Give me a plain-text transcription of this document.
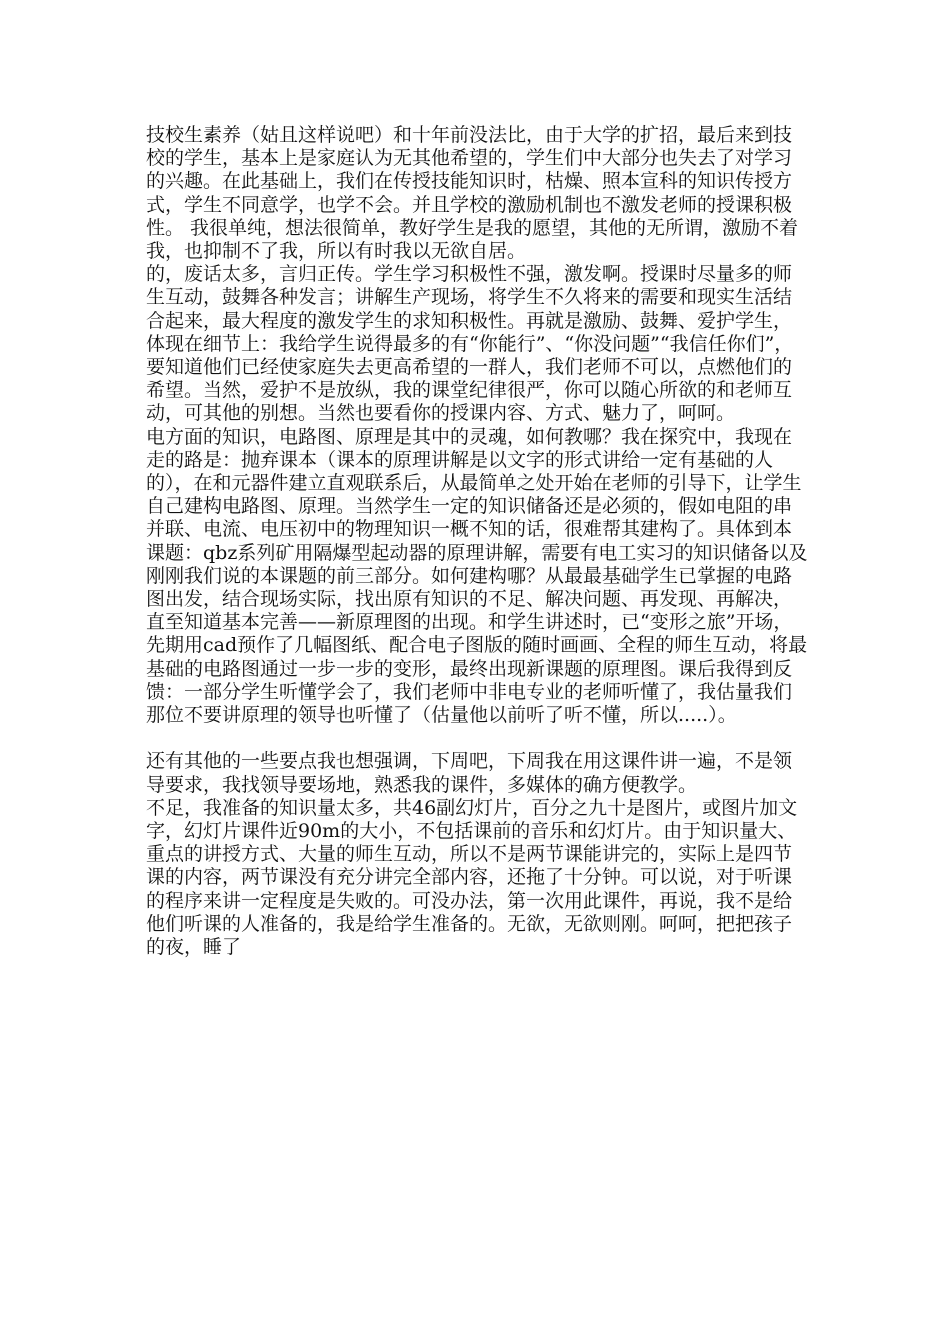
技校生素养（姑且这样说吧）和十年前没法比，由于大学的扩招，最后来到技校的学生，基本上是家庭认为无其他希望的，学生们中大部分也失去了对学习的兴趣。在此基础上，我们在传授技能知识时，枯燥、照本宣科的知识传授方式，学生不同意学，也学不会。并且学校的激励机制也不激发老师的授课积极性。 我很单纯，想法很简单，教好学生是我的愿望，其他的无所谓，激励不着我，也抑制不了我，所以有时我以无欲自居。

的，废话太多，言归正传。学生学习积极性不强，激发啊。授课时尽量多的师生互动，鼓舞各种发言；讲解生产现场，将学生不久将来的需要和现实生活结合起来，最大程度的激发学生的求知积极性。再就是激励、鼓舞、爱护学生，体现在细节上：我给学生说得最多的有“你能行”、“你没问题”“我信任你们”，要知道他们已经使家庭失去更高希望的一群人，我们老师不可以，点燃他们的希望。当然，爱护不是放纵，我的课堂纪律很严，你可以随心所欲的和老师互动，可其他的别想。当然也要看你的授课内容、方式、魅力了，呵呵。

电方面的知识，电路图、原理是其中的灵魂，如何教哪？我在探究中，我现在走的路是：抛弃课本（课本的原理讲解是以文字的形式讲给一定有基础的人的），在和元器件建立直观联系后，从最简单之处开始在老师的引导下，让学生自己建构电路图、原理。当然学生一定的知识储备还是必须的，假如电阻的串并联、电流、电压初中的物理知识一概不知的话，很难帮其建构了。具体到本课题：qbz系列矿用隔爆型起动器的原理讲解，需要有电工实习的知识储备以及刚刚我们说的本课题的前三部分。如何建构哪？从最最基础学生已掌握的电路图出发，结合现场实际，找出原有知识的不足、解决问题、再发现、再解决，直至知道基本完善——新原理图的出现。和学生讲述时，已“变形之旅”开场，先期用cad预作了几幅图纸、配合电子图版的随时画画、全程的师生互动，将最基础的电路图通过一步一步的变形，最终出现新课题的原理图。课后我得到反馈：一部分学生听懂学会了，我们老师中非电专业的老师听懂了，我估量我们那位不要讲原理的领导也听懂了（估量他以前听了听不懂，所以.....）。

还有其他的一些要点我也想强调，下周吧，下周我在用这课件讲一遍，不是领导要求，我找领导要场地，熟悉我的课件，多媒体的确方便教学。

不足，我准备的知识量太多，共46副幻灯片，百分之九十是图片，或图片加文字，幻灯片课件近90m的大小，不包括课前的音乐和幻灯片。由于知识量大、重点的讲授方式、大量的师生互动，所以不是两节课能讲完的，实际上是四节课的内容，两节课没有充分讲完全部内容，还拖了十分钟。可以说，对于听课的程序来讲一定程度是失败的。可没办法，第一次用此课件，再说，我不是给他们听课的人准备的，我是给学生准备的。无欲，无欲则刚。呵呵，把把孩子的夜，睡了
